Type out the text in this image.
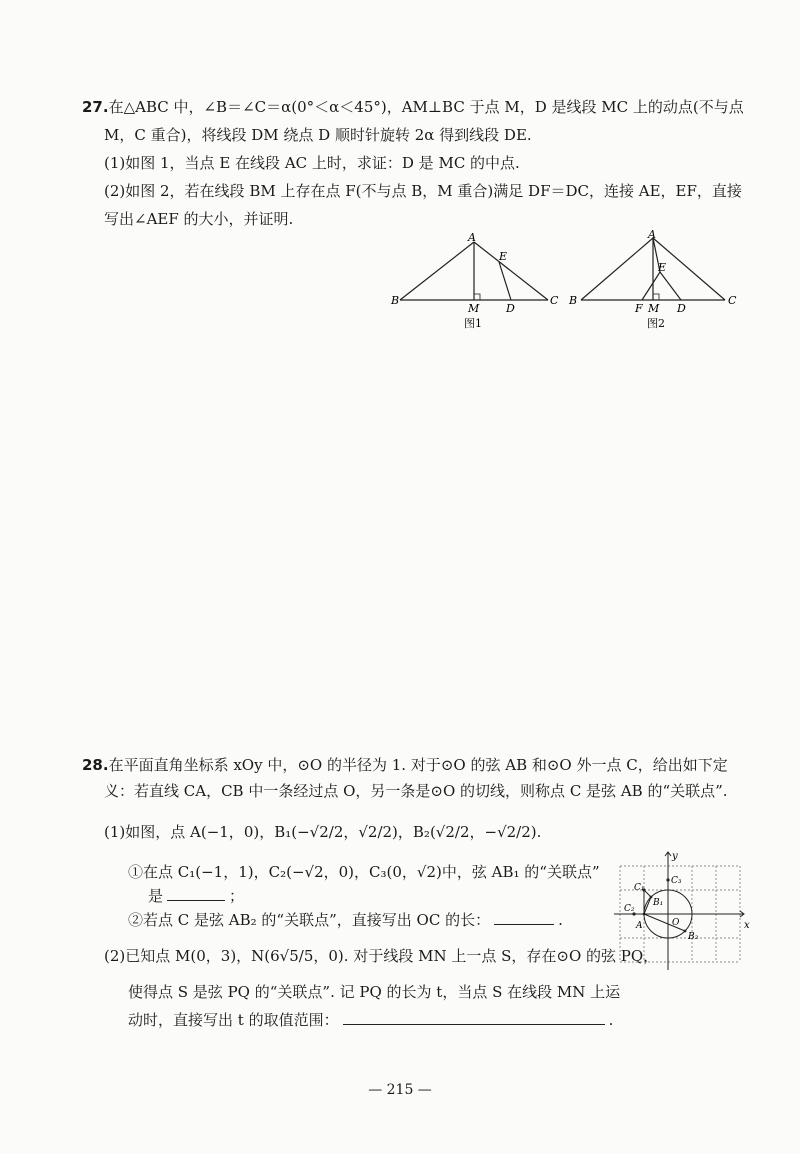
27.在△ABC 中，∠B＝∠C＝α(0°＜α＜45°)，AM⊥BC 于点 M，D 是线段 MC 上的动点(不与点
M，C 重合)，将线段 DM 绕点 D 顺时针旋转 2α 得到线段 DE.
(1)如图 1，当点 E 在线段 AC 上时，求证：D 是 MC 的中点.
(2)如图 2，若在线段 BM 上存在点 F(不与点 B，M 重合)满足 DF＝DC，连接 AE，EF，直接
写出∠AEF 的大小，并证明.
A
B	C
M D
E
图1
A
B	C
F M D
E
图2
28.在平面直角坐标系 xOy 中，⊙O 的半径为 1. 对于⊙O 的弦 AB 和⊙O 外一点 C，给出如下定
义：若直线 CA，CB 中一条经过点 O，另一条是⊙O 的切线，则称点 C 是弦 AB 的“关联点”.
(1)如图，点 A(−1，0)，B₁(−√2/2，√2/2)，B₂(√2/2，−√2/2).
①在点 C₁(−1，1)，C₂(−√2，0)，C₃(0，√2)中，弦 AB₁ 的“关联点”
是	；
②若点 C 是弦 AB₂ 的“关联点”，直接写出 OC 的长：	.
(2)已知点 M(0，3)，N(6√5/5，0). 对于线段 MN 上一点 S，存在⊙O 的弦 PQ，
使得点 S 是弦 PQ 的“关联点”. 记 PQ 的长为 t，当点 S 在线段 MN 上运
动时，直接写出 t 的取值范围：	.
y
x
O
A
B₁
B₂
C₁
C₂
C₃
— 215 —
